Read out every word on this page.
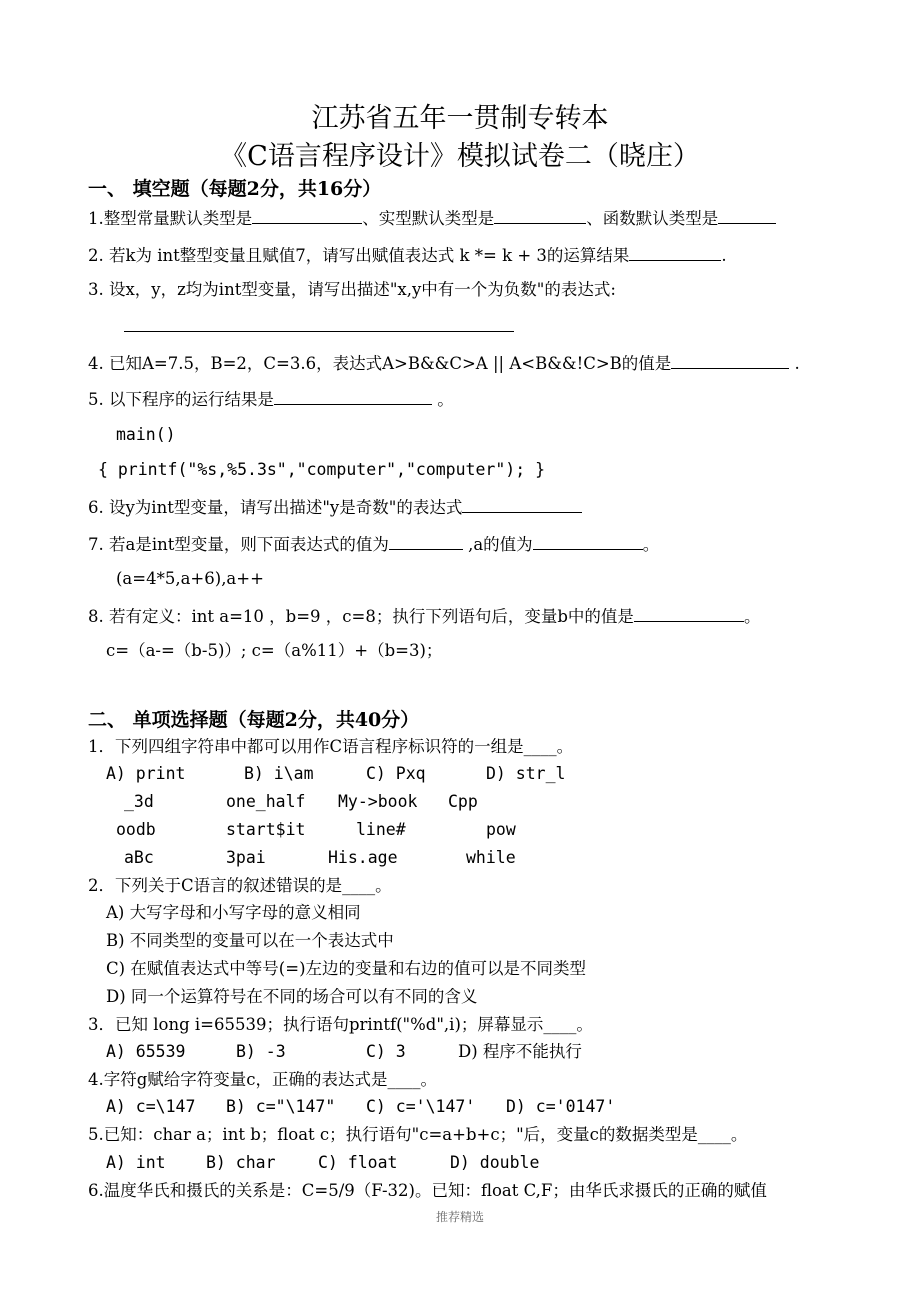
江苏省五年一贯制专转本
《C语言程序设计》模拟试卷二（晓庄）
一、 填空题（每题2分，共16分）
1.整型常量默认类型是	、实型默认类型是	、函数默认类型是
2. 若k为 int整型变量且赋值7，请写出赋值表达式 k *= k + 3的运算结果	.
3. 设x，y，z均为int型变量，请写出描述"x,y中有一个为负数"的表达式:
4. 已知A=7.5，B=2，C=3.6，表达式A>B&&C>A || A<B&&!C>B的值是	.
5. 以下程序的运行结果是	。
main()
{ printf("%s,%5.3s","computer","computer"); }
6. 设y为int型变量，请写出描述"y是奇数"的表达式
7. 若a是int型变量，则下面表达式的值为	,a的值为	。
(a=4*5,a+6),a++
8. 若有定义：int a=10 ，b=9 ，c=8；执行下列语句后，变量b中的值是	。
c=（a-=（b-5)）; c=（a%11）+（b=3)；
二、 单项选择题（每题2分，共40分）
1．下列四组字符串中都可以用作C语言程序标识符的一组是____。
A) print	B) i\am	C) Pxq	D) str_l
_3d	one_half My->book Cpp
oodb	start$it	line#	pow
aBc	3pai	His.age	while
2．下列关于C语言的叙述错误的是____。
A) 大写字母和小写字母的意义相同
B) 不同类型的变量可以在一个表达式中
C) 在赋值表达式中等号(=)左边的变量和右边的值可以是不同类型
D) 同一个运算符号在不同的场合可以有不同的含义
3．已知 long i=65539；执行语句printf("%d",i)；屏幕显示____。
A) 65539	B) -3	C) 3	D) 程序不能执行
4.字符g赋给字符变量c，正确的表达式是____。
A) c=\147 B) c="\147" C) c='\147' D) c='0147'
5.已知：char a；int b；float c；执行语句"c=a+b+c；"后，变量c的数据类型是____。
A) int B) char	C) float	D) double
6.温度华氏和摄氏的关系是：C=5/9（F-32)。已知：float C,F；由华氏求摄氏的正确的赋值
推荐精选
